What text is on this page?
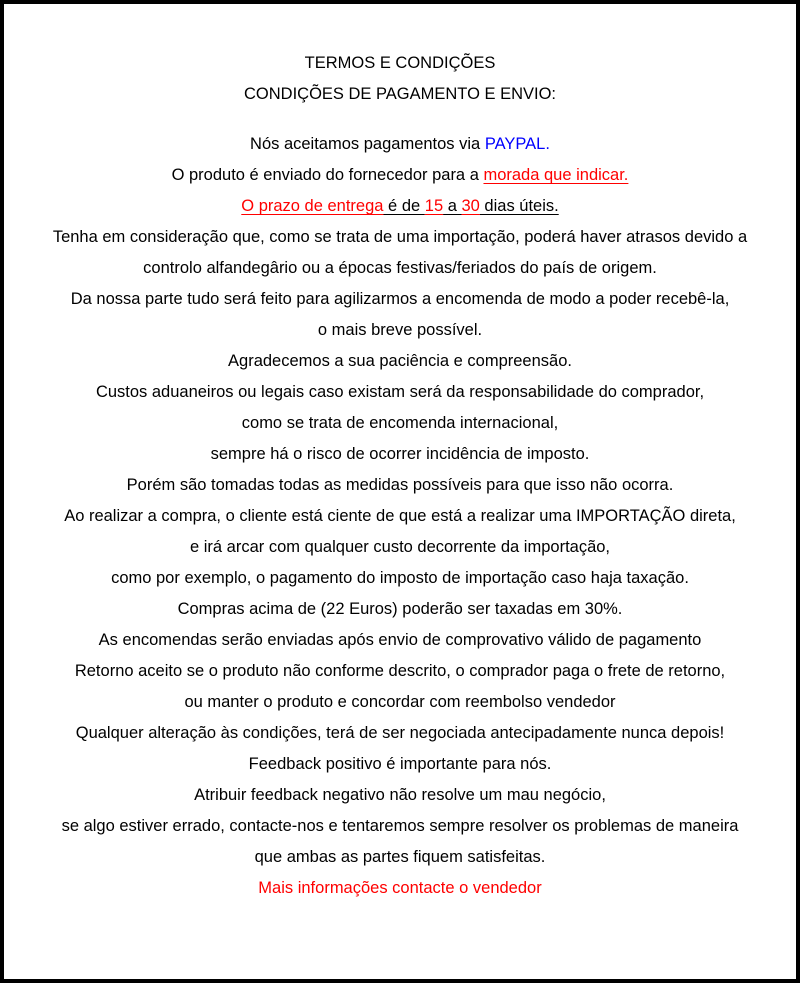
TERMOS E CONDIÇÕES
CONDIÇÕES DE PAGAMENTO E ENVIO:
Nós aceitamos pagamentos via PAYPAL.
O produto é enviado do fornecedor para a morada que indicar.
O prazo de entrega é de 15 a 30 dias úteis.
Tenha em consideração que, como se trata de uma importação, poderá haver atrasos devido a
controlo alfandegârio ou a épocas festivas/feriados do país de origem.
Da nossa parte tudo será feito para agilizarmos a encomenda de modo a poder recebê-la,
o mais breve possível.
Agradecemos a sua paciência e compreensão.
Custos aduaneiros ou legais caso existam será da responsabilidade do comprador,
como se trata de encomenda internacional,
sempre há o risco de ocorrer incidência de imposto.
Porém são tomadas todas as medidas possíveis para que isso não ocorra.
Ao realizar a compra, o cliente está ciente de que está a realizar uma IMPORTAÇÃO direta,
e irá arcar com qualquer custo decorrente da importação,
como por exemplo, o pagamento do imposto de importação caso haja taxação.
Compras acima de (22 Euros) poderão ser taxadas em 30%.
As encomendas serão enviadas após envio de comprovativo válido de pagamento
Retorno aceito se o produto não conforme descrito, o comprador paga o frete de retorno,
ou manter o produto e concordar com reembolso vendedor
Qualquer alteração às condições, terá de ser negociada antecipadamente nunca depois!
Feedback positivo é importante para nós.
Atribuir feedback negativo não resolve um mau negócio,
se algo estiver errado, contacte-nos e tentaremos sempre resolver os problemas de maneira
que ambas as partes fiquem satisfeitas.
Mais informações contacte o vendedor
